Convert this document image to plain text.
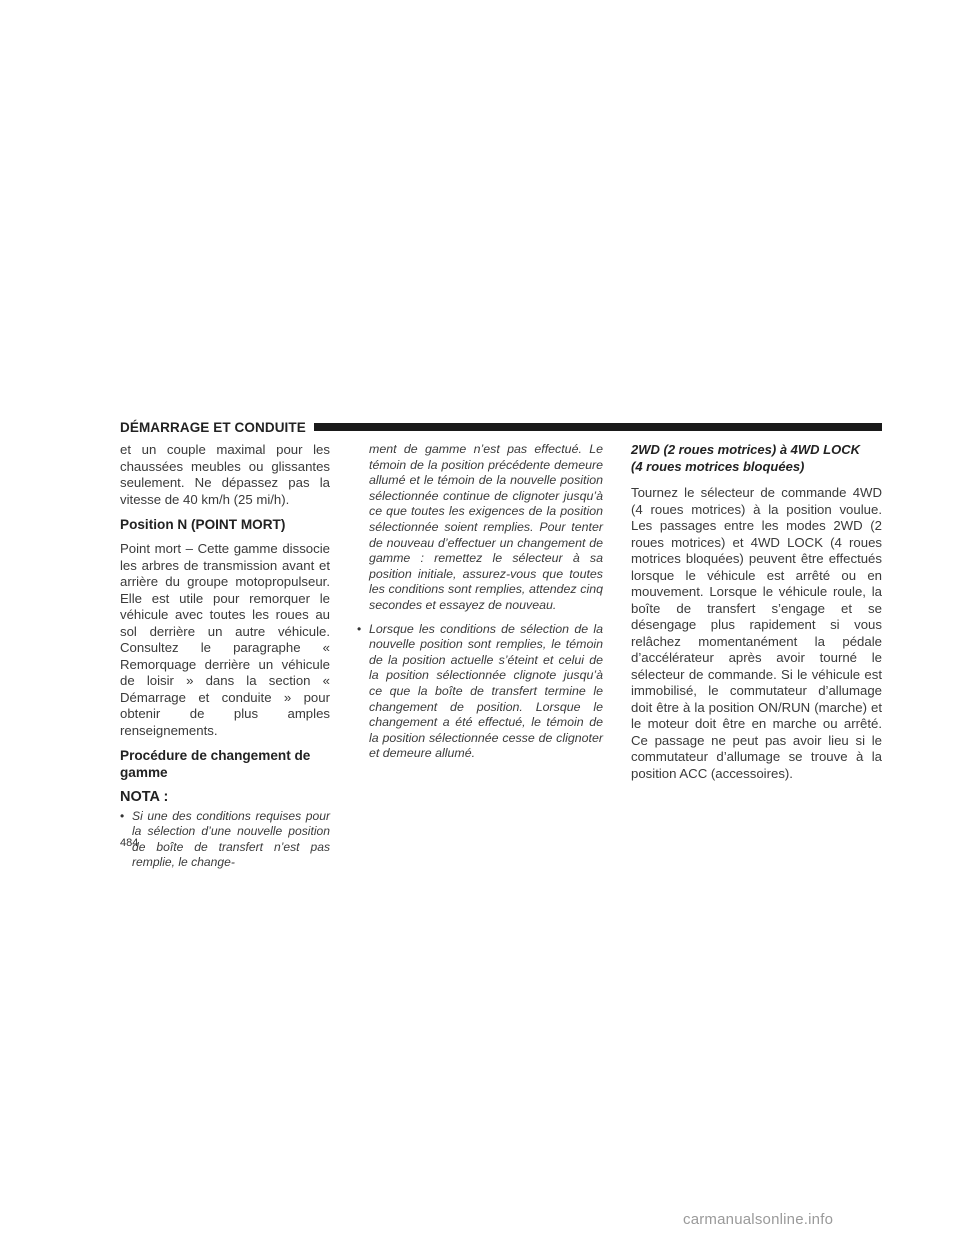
DÉMARRAGE ET CONDUITE

et un couple maximal pour les chaussées meubles ou glissantes seulement. Ne dépassez pas la vitesse de 40 km/h (25 mi/h).

Position N (POINT MORT)

Point mort – Cette gamme dissocie les arbres de transmission avant et arrière du groupe motopropulseur. Elle est utile pour remorquer le véhicule avec toutes les roues au sol derrière un autre véhicule. Consultez le paragraphe « Remorquage derrière un véhicule de loisir » dans la section « Démarrage et conduite » pour obtenir de plus amples renseignements.

Procédure de changement de gamme
NOTA :
• Si une des conditions requises pour la sélection d’une nouvelle position de boîte de transfert n’est pas remplie, le change-
ment de gamme n’est pas effectué. Le témoin de la position précédente demeure allumé et le témoin de la nouvelle position sélectionnée continue de clignoter jusqu’à ce que toutes les exigences de la position sélectionnée soient remplies. Pour tenter de nouveau d’effectuer un changement de gamme : remettez le sélecteur à sa position initiale, assurez-vous que toutes les conditions sont remplies, attendez cinq secondes et essayez de nouveau.
• Lorsque les conditions de sélection de la nouvelle position sont remplies, le témoin de la position actuelle s’éteint et celui de la position sélectionnée clignote jusqu’à ce que la boîte de transfert termine le changement de position. Lorsque le changement a été effectué, le témoin de la position sélectionnée cesse de clignoter et demeure allumé.
2WD (2 roues motrices) à 4WD LOCK
(4 roues motrices bloquées)

Tournez le sélecteur de commande 4WD (4 roues motrices) à la position voulue. Les passages entre les modes 2WD (2 roues motrices) et 4WD LOCK (4 roues motrices bloquées) peuvent être effectués lorsque le véhicule est arrêté ou en mouvement. Lorsque le véhicule roule, la boîte de transfert s’engage et se désengage plus rapidement si vous relâchez momentanément la pédale d’accélérateur après avoir tourné le sélecteur de commande. Si le véhicule est immobilisé, le commutateur d’allumage doit être à la position ON/RUN (marche) et le moteur doit être en marche ou arrêté. Ce passage ne peut pas avoir lieu si le commutateur d’allumage se trouve à la position ACC (accessoires).

484
carmanualsonline.info
